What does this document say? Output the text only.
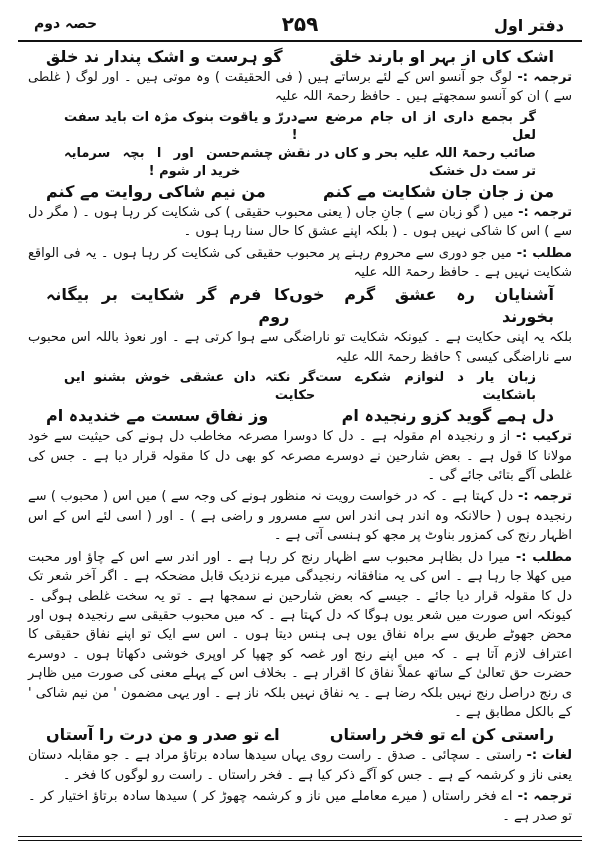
حصہ دوم	۲۵۹	دفتر اول
اشک کاں از بہر او بارند خلق
گو ہرست و اشک پندار ند خلق

ترجمہ :- لوگ جو آنسو اس کے لئے برساتے ہیں ( فی الحقیقت ) وہ موتی ہیں ۔ اور لوگ ( غلطی سے ) ان کو آنسو سمجھتے ہیں ۔ حافظ رحمۃ اللہ علیہ

گر بجمع داری از اں جام مرضع سے لعل
دررّ و یاقوت بنوک مژہ ات باید سفت !
صائب رحمۃ اللہ علیہ بحر و کاں در نقش چشم تر ست دل خشک
حسن اور ا بچہ سرمایہ خرید ار شوم !
من ز جان جان شکایت مے کنم
من نیم شاکی روایت مے کنم

ترجمہ :- میں ( گو زبان سے ) جانِ جاں ( یعنی محبوب حقیقی ) کی شکایت کر رہا ہوں ۔ ( مگر دل سے ) اس کا شاکی نہیں ہوں ۔ ( بلکہ اپنے عشق کا حال سنا رہا ہوں ۔

مطلب :- میں جو دوری سے محروم رہنے پر محبوب حقیقی کی شکایت کر رہا ہوں ۔ یہ فی الواقع شکایت نہیں ہے ۔ حافظ رحمۃ اللہ علیہ

آشنایان رہ عشق گرم خوں بخورند
کا فرم گر شکایت بر بیگانہ روم

بلکہ یہ اپنی حکایت ہے ۔ کیونکہ شکایت تو ناراضگی سے ہوا کرتی ہے ۔ اور نعوذ باللہ اس محبوب سے ناراضگی کیسی ؟ حافظ رحمۃ اللہ علیہ

زبان یار د لنوازم شکرے ست باشکایت
گر نکتہ دان عشقی خوش بشنو ایں حکایت
دل ہمے گوید کزو رنجیدہ ام
وز نفاق سست مے خندیدہ ام

ترکیب :- از و رنجیدہ ام مقولہ ہے ۔ دل کا دوسرا مصرعہ مخاطب دل ہونے کی حیثیت سے خود مولانا کا قول ہے ۔ بعض شارحین نے دوسرے مصرعہ کو بھی دل کا مقولہ قرار دیا ہے ۔ جس کی غلطی آگے بتائی جائے گی ۔

ترجمہ :- دل کہتا ہے ۔ کہ در خواست رویت نہ منظور ہونے کی وجہ سے ) میں اس ( محبوب ) سے رنجیدہ ہوں ( حالانکہ وہ اندر ہی اندر اس سے مسرور و راضی ہے ) ۔ اور ( اسی لئے اس کے اس اظہار رنج کی کمزور بناوٹ پر مجھ کو ہنسی آتی ہے ۔

مطلب :- میرا دل بظاہر محبوب سے اظہار رنج کر رہا ہے ۔ اور اندر سے اس کے چاؤ اور محبت میں کھلا جا رہا ہے ۔ اس کی یہ منافقانہ رنجیدگی میرے نزدیک قابل مضحکہ ہے ۔ اگر آخر شعر تک دل کا مقولہ قرار دیا جائے ۔ جیسے کہ بعض شارحین نے سمجھا ہے ۔ تو یہ سخت غلطی ہوگی ۔ کیونکہ اس صورت میں شعر یوں ہوگا کہ دل کہتا ہے ۔ کہ میں محبوب حقیقی سے رنجیدہ ہوں اور محض جھوٹے طریق سے براہ نفاق یوں ہی ہنس دیتا ہوں ۔ اس سے ایک تو اپنے نفاق حقیقی کا اعتراف لازم آتا ہے ۔ کہ میں اپنے رنج اور غصہ کو چھپا کر اوپری خوشی دکھاتا ہوں ۔ دوسرے حضرت حق تعالیٰ کے ساتھ عملاً نفاق کا اقرار ہے ۔ بخلاف اس کے پہلے معنی کی صورت میں ظاہر ی رنج دراصل رنج نہیں بلکہ رضا ہے ۔ یہ نفاق نہیں بلکہ ناز ہے ۔ اور یہی مضمون ' من نیم شاکی ' کے بالکل مطابق ہے ۔

راستی کن اے تو فخر راستاں
اے تو صدر و من درت را آستاں

لغات :- راستی ۔ سچائی ۔ صدق ۔ راست روی یہاں سیدھا سادہ برتاؤ مراد ہے ۔ جو مقابلہ دستان یعنی ناز و کرشمہ کے ہے ۔ جس کو آگے ذکر کیا ہے ۔ فخر راستاں ۔ راست رو لوگوں کا فخر ۔

ترجمہ :- اے فخر راستاں ( میرے معاملے میں ناز و کرشمہ چھوڑ کر ) سیدھا سادہ برتاؤ اختیار کر ۔ تو صدر ہے ۔
